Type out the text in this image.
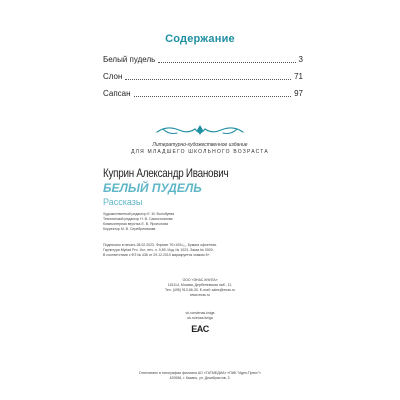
Содержание
Белый пудель	3
Слон	71
Сапсан	97
Литературно-художественное издание
ДЛЯ МЛАДШЕГО ШКОЛЬНОГО ВОЗРАСТА
Куприн Александр Иванович
БЕЛЫЙ ПУДЕЛЬ
Рассказы
Художественный редактор Е. М. Волобуева
Технический редактор Н. В. Самостоянова
Компьютерная верстка Е. В. Ярополова
Корректор М. В. Серебреникова
Подписано в печать 28.02.2023. Формат 70×100¹/₁₆. Бумага офсетная.
Гарнитура Myriad Pro. Усл. печ. л. 9,59. Изд. № 1023. Заказ № 0000.
В соответствии с ФЗ № 436 от 29.12.2010 маркируется знаком 6+.
ООО «ЭНАС-КНИГА»
115114, Москва, Дербеневская наб., 11.
Тел. (495) 913-66-30. E-mail: sales@enas.ru
www.enas.ru
vk.com/enas.kniga
ok.ru/enas.kniga
EAC
Отпечатано в типографии филиала АО «ТАТМЕДИА» «ПИК “Идел-Пресс”»
420066, г. Казань, ул. Декабристов, 2.
